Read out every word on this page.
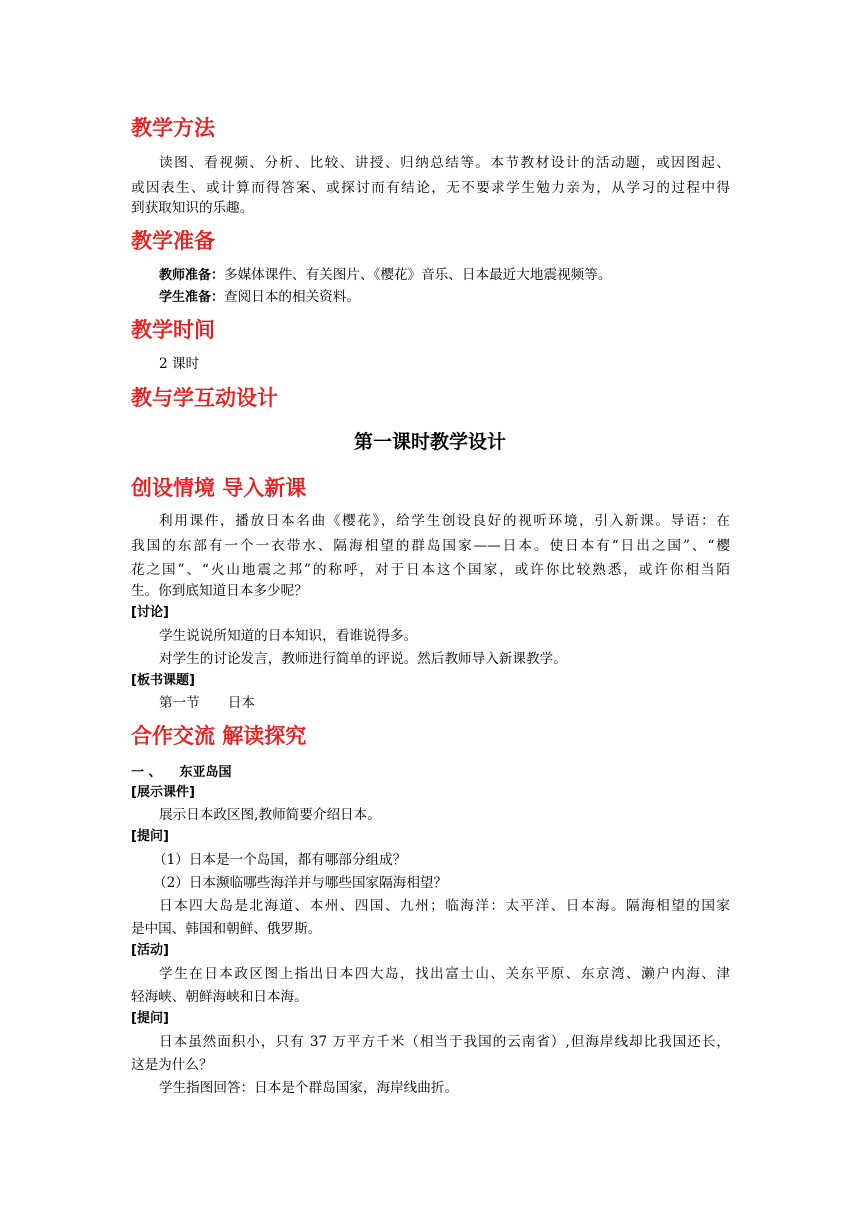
教学方法
读图、看视频、分析、比较、讲授、归纳总结等。本节教材设计的活动题，或因图起、
或因表生、或计算而得答案、或探讨而有结论，无不要求学生勉力亲为，从学习的过程中得
到获取知识的乐趣。
教学准备
教师准备：多媒体课件、有关图片、《樱花》音乐、日本最近大地震视频等。
学生准备：查阅日本的相关资料。
教学时间
2 课时
教与学互动设计
第一课时教学设计
创设情境 导入新课
利用课件，播放日本名曲《樱花》，给学生创设良好的视听环境，引入新课。导语：在
我国的东部有一个一衣带水、隔海相望的群岛国家——日本。使日本有“日出之国”、“樱
花之国”、“火山地震之邦”的称呼，对于日本这个国家，或许你比较熟悉，或许你相当陌
生。你到底知道日本多少呢？
[讨论]
学生说说所知道的日本知识，看谁说得多。
对学生的讨论发言，教师进行简单的评说。然后教师导入新课教学。
[板书课题]
第一节 日本
合作交流 解读探究
一 、 东亚岛国
[展示课件]
展示日本政区图,教师简要介绍日本。
[提问]
（1）日本是一个岛国，都有哪部分组成？
（2）日本濒临哪些海洋并与哪些国家隔海相望？
日本四大岛是北海道、本州、四国、九州；临海洋：太平洋、日本海。隔海相望的国家
是中国、韩国和朝鲜、俄罗斯。
[活动]
学生在日本政区图上指出日本四大岛，找出富士山、关东平原、东京湾、濑户内海、津
轻海峡、朝鲜海峡和日本海。
[提问]
日本虽然面积小，只有 37 万平方千米（相当于我国的云南省）,但海岸线却比我国还长，
这是为什么？
学生指图回答：日本是个群岛国家，海岸线曲折。
